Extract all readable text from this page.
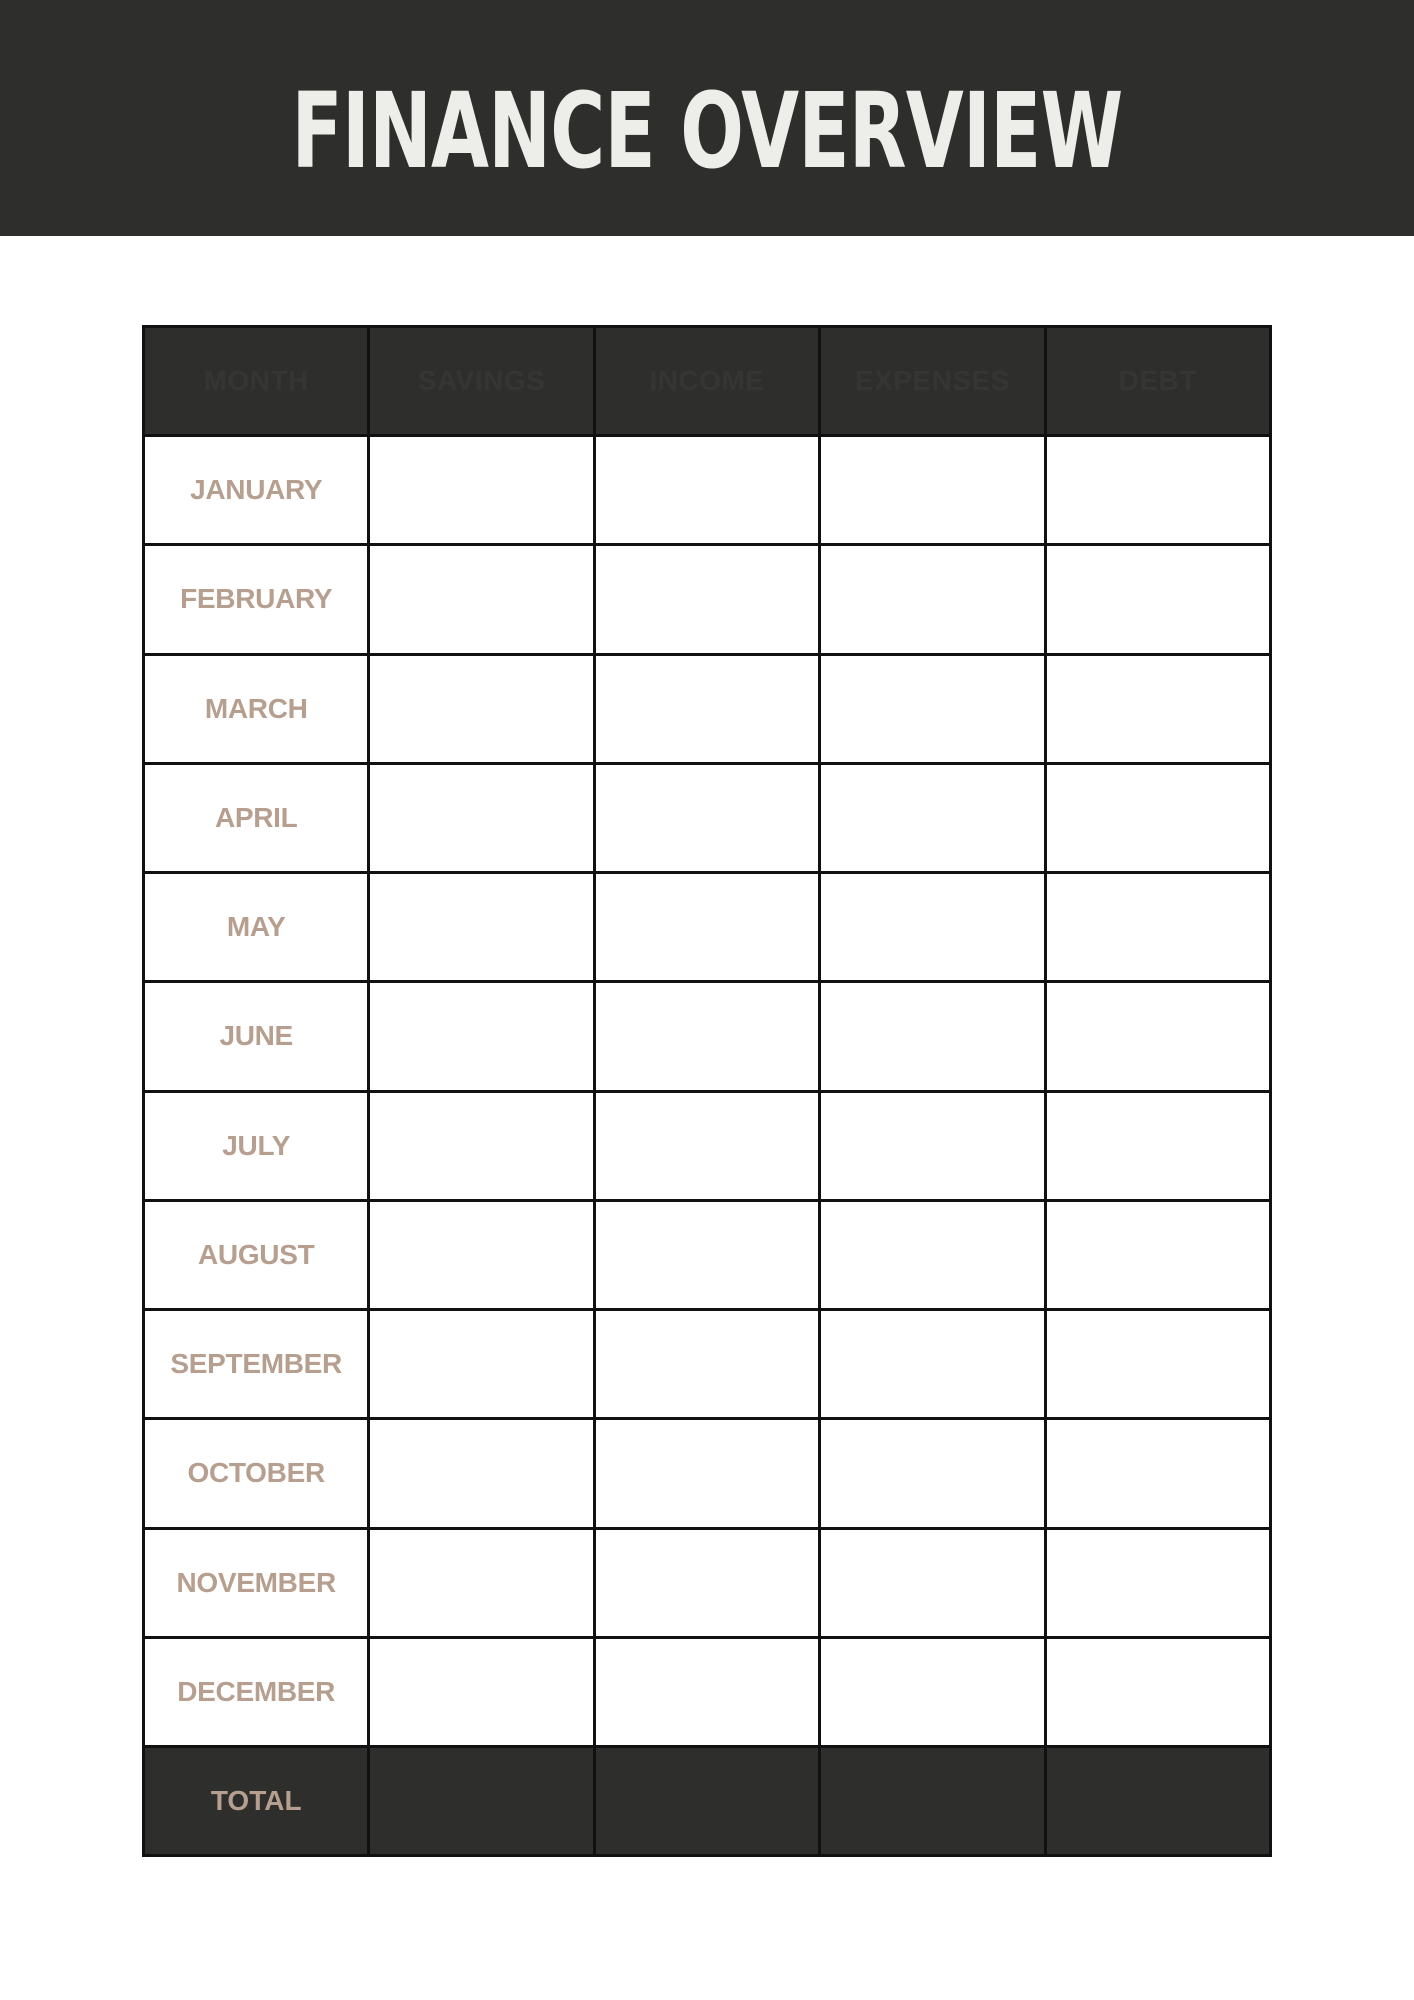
FINANCE OVERVIEW
MONTH	SAVINGS	INCOME	EXPENSES	DEBT
JANUARY				
FEBRUARY				
MARCH				
APRIL				
MAY				
JUNE				
JULY				
AUGUST				
SEPTEMBER				
OCTOBER				
NOVEMBER				
DECEMBER				
TOTAL				
